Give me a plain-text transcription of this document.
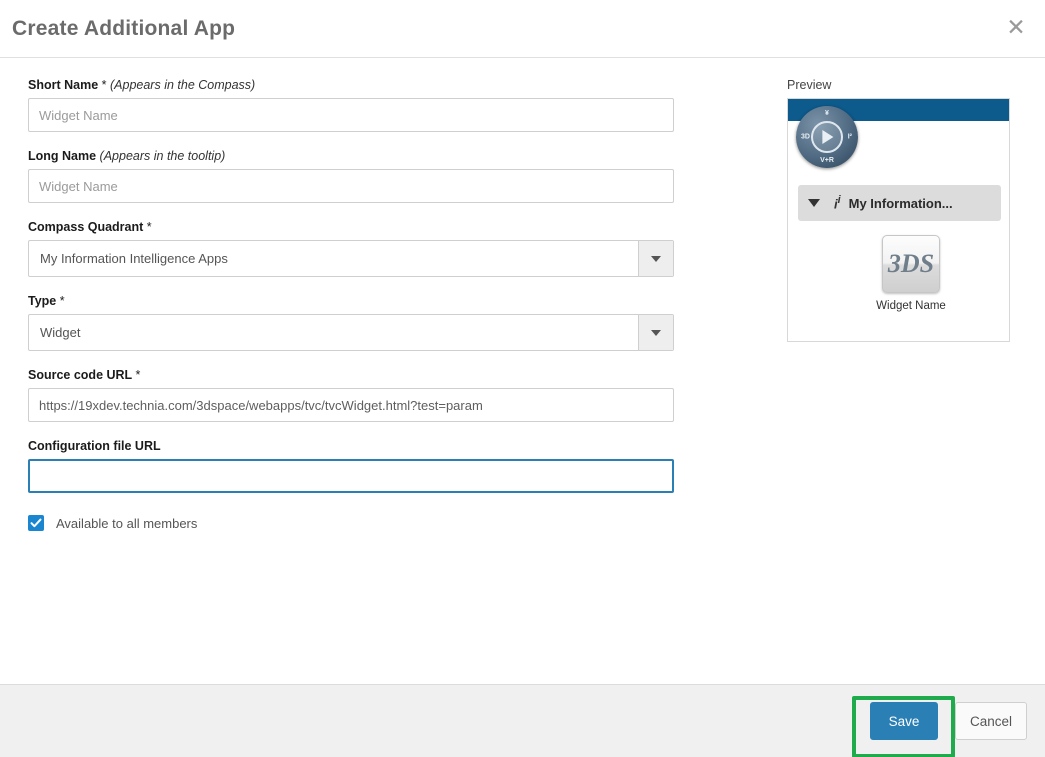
Create Additional App	✕
Short Name * (Appears in the Compass)
Widget Name
Long Name (Appears in the tooltip)
Widget Name
Compass Quadrant *
My Information Intelligence Apps
Type *
Widget
Source code URL *
https://19xdev.technia.com/3dspace/webapps/tvc/tvcWidget.html?test=param
Configuration file URL
Available to all members
Preview
¥
V+R
3D	I²
$i^i$ My Information...
3DS
Widget Name
Save	Cancel
